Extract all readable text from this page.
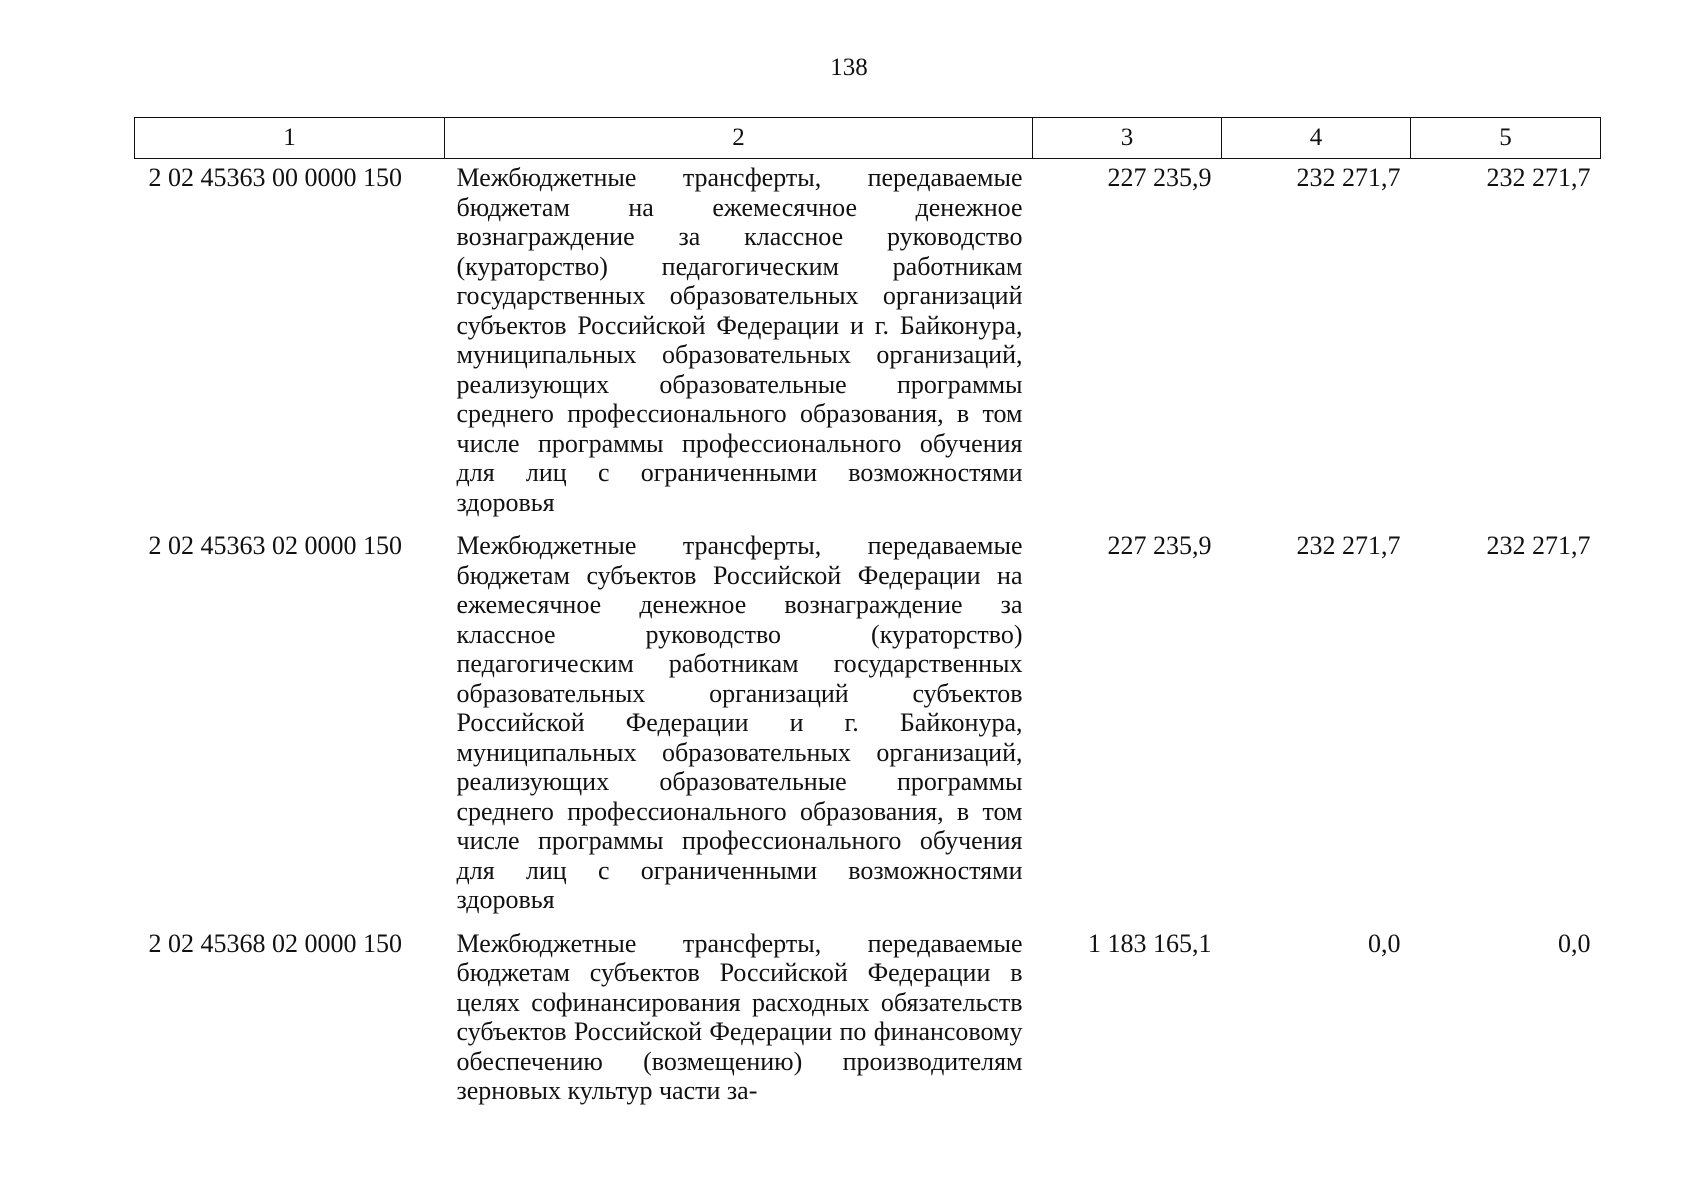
138
1	2	3	4	5
2 02 45363 00 0000 150	Межбюджетные трансферты, передаваемые бюджетам на ежемесячное денежное вознаграждение за классное руководство (кураторство) педагогическим работникам государственных образовательных организаций субъектов Российской Федерации и г. Байконура, муниципальных образовательных организаций, реализующих образовательные программы среднего профессионального образования, в том числе программы профессионального обучения для лиц с ограниченными возможностями здоровья	227 235,9	232 271,7	232 271,7
2 02 45363 02 0000 150	Межбюджетные трансферты, передаваемые бюджетам субъектов Российской Федерации на ежемесячное денежное вознаграждение за классное руководство (кураторство) педагогическим работникам государственных образовательных организаций субъектов Российской Федерации и г. Байконура, муниципальных образовательных организаций, реализующих образовательные программы среднего профессионального образования, в том числе программы профессионального обучения для лиц с ограниченными возможностями здоровья	227 235,9	232 271,7	232 271,7
2 02 45368 02 0000 150	Межбюджетные трансферты, передаваемые бюджетам субъектов Российской Федерации в целях софинансирования расходных обязательств субъектов Российской Федерации по финансовому обеспечению (возмещению) производителям зерновых культур части за-	1 183 165,1	0,0	0,0
